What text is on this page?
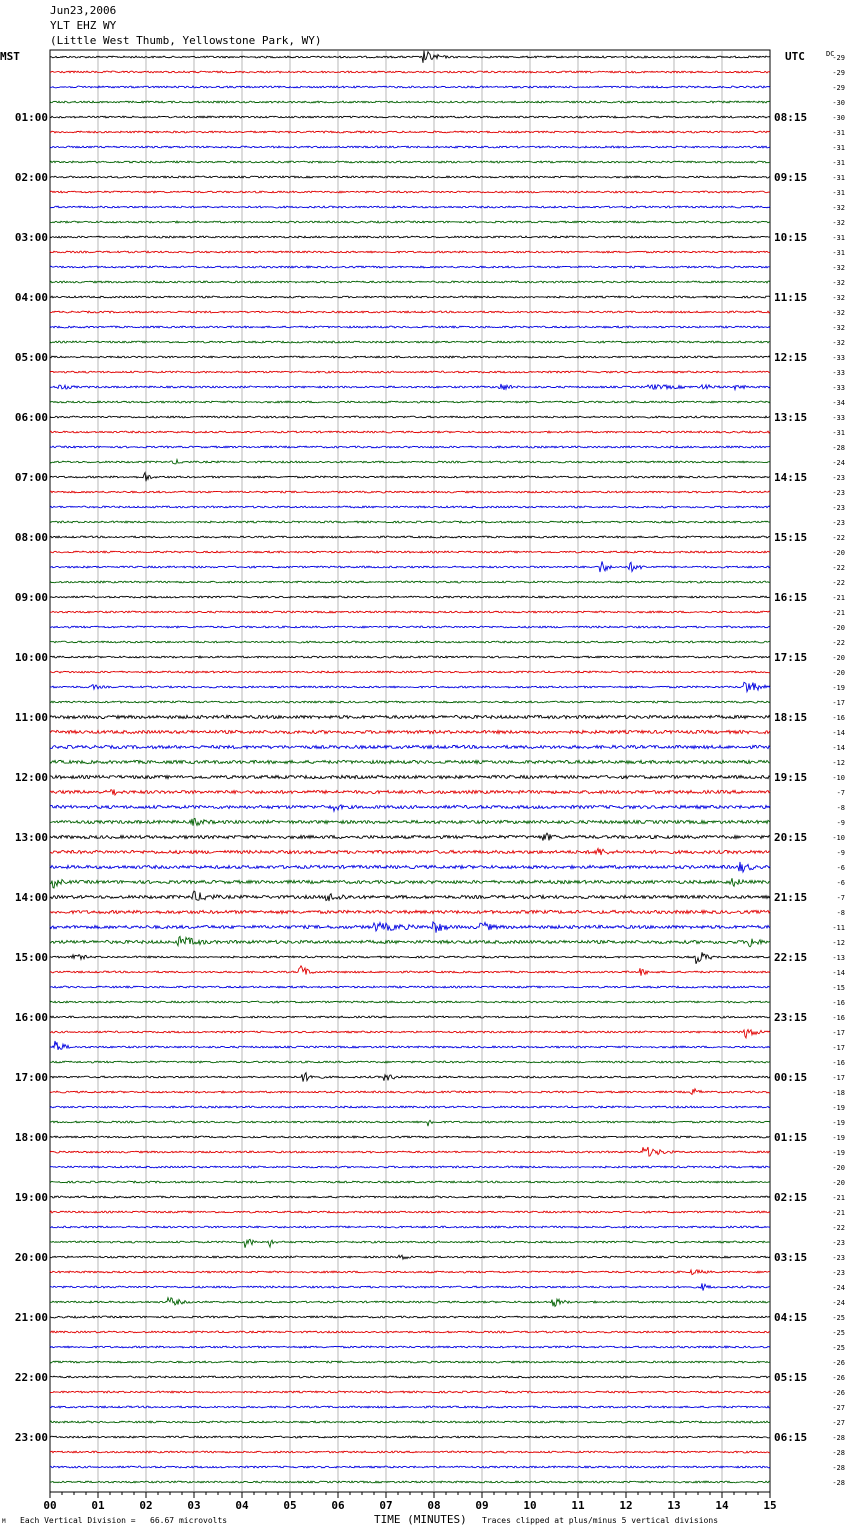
Jun23,2006
YLT EHZ WY
(Little West Thumb, Yellowstone Park, WY)
MST	UTC	DC
00	01	02	03	04	05	06	07	08	09	10	11	12	13	14	15
-29
-29
-29
-30
-30
-31
-31
-31
-31
-31
-32
-32
-31
-31
-32
-32
-32
-32
-32
-32
-33
-33
-33
-34
-33
-31
-28
-24
-23
-23
-23
-23
-22
-20
-22
-22
-21
-21
-20
-22
-20
-20
-19
-17
-16
-14
-14
-12
-10
-7
-8
-9
-10
-9
-6
-6
-7
-8
-11
-12
-13
-14
-15
-16
-16
-17
-17
-16
-17
-18
-19
-19
-19
-19
-20
-20
-21
-21
-22
-23
-23
-23
-24
-24
-25
-25
-25
-26
-26
-26
-27
-27
-28
-28
-28
-28
01:00	08:15
02:00	09:15
03:00	10:15
04:00	11:15
05:00	12:15
06:00	13:15
07:00	14:15
08:00	15:15
09:00	16:15
10:00	17:15
11:00	18:15
12:00	19:15
13:00	20:15
14:00	21:15
15:00	22:15
16:00	23:15
17:00	00:15
18:00	01:15
19:00	02:15
20:00	03:15
21:00	04:15
22:00	05:15
23:00	06:15
M Each Vertical Division =   66.67 microvolts	TIME (MINUTES) Traces clipped at plus/minus 5 vertical divisions
